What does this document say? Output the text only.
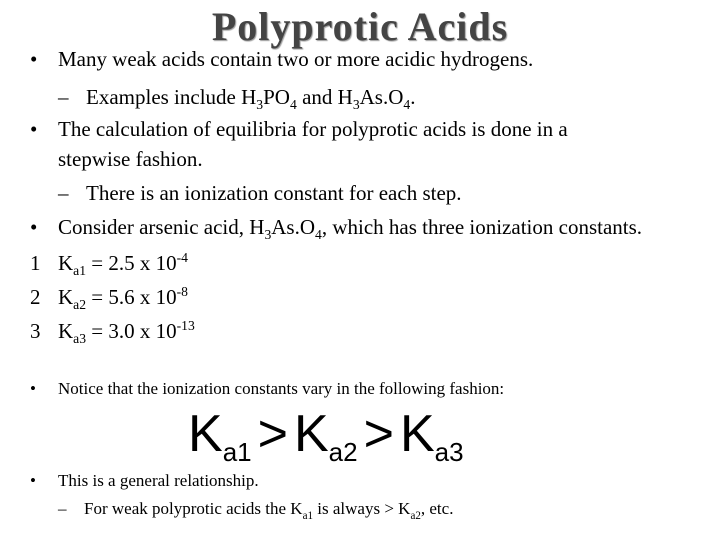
Polyprotic Acids
• Many weak acids contain two or more acidic hydrogens.
– Examples include $H_3PO_4$ and $H_3As.O_4$.
• The calculation of equilibria for polyprotic acids is done in a
stepwise fashion.
– There is an ionization constant for each step.
• Consider arsenic acid, $H_3As.O_4$, which has three ionization constants.
1 $K_{a1} = 2.5$ x $10^{-4}$
2 $K_{a2} = 5.6$ x $10^{-8}$
3 $K_{a3} = 3.0$ x $10^{-13}$
•	Notice that the ionization constants vary in the following fashion:
Ka1 > Ka2 > Ka3
•	This is a general relationship.
– For weak polyprotic acids the $K_{a1}$ is always > $K_{a2}$, etc.
